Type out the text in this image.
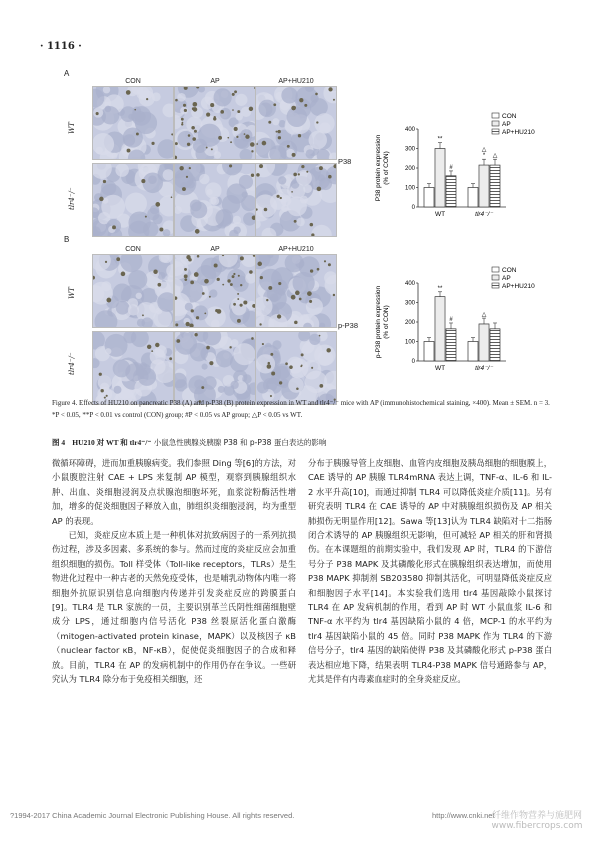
· 1116 ·
A
CON	AP	AP+HU210
WT
tlr4⁻/⁻
P38
B
CON	AP	AP+HU210
WT
tlr4⁻/⁻
p-P38
P38 protein expression(% of CON)
0
100
200
300
400
**
#
WT
△
* △
tlr4⁻/⁻
CON
AP
AP+HU210
p-P38 protein expression(% of CON)
0
100
200
300
400
**
#
WT
△
tlr4⁻/⁻
CON
AP
AP+HU210
Figure 4. Effects of HU210 on pancreatic P38 (A) and p-P38 (B) protein expression in WT and tlr4⁻/⁻ mice with AP (immunohistochemical staining, ×400). Mean ± SEM. n = 3. *P < 0.05, **P < 0.01 vs control (CON) group; #P < 0.05 vs AP group; △P < 0.05 vs WT.
图 4 HU210 对 WT 和 tlr4⁻/⁻ 小鼠急性胰腺炎胰腺 P38 和 p-P38 蛋白表达的影响

微循环障碍，进而加重胰腺病变。我们参照 Ding 等[6]的方法，对小鼠腹腔注射 CAE + LPS 来复制 AP 模型，观察到胰腺组织水肿、出血、炎细胞浸润及点状腺泡细胞坏死，血浆淀粉酶活性增加，增多的促炎细胞因子释放入血，肺组织炎细胞浸润，均为重型 AP 的表现。

已知，炎症反应本质上是一种机体对抗致病因子的一系列抗损伤过程，涉及多因素、多系统的参与。然而过度的炎症反应会加重组织细胞的损伤。Toll 样受体（Toll-like receptors，TLRs）是生物进化过程中一种古老的天然免疫受体，也是哺乳动物体内唯一将细胞外抗原识别信息向细胞内传递并引发炎症反应的跨膜蛋白[9]。TLR4 是 TLR 家族的一员，主要识别革兰氏阴性细菌细胞壁成分 LPS，通过细胞内信号活化 P38 丝裂原活化蛋白激酶（mitogen-activated protein kinase，MAPK）以及核因子 κB（nuclear factor κB，NF-κB），促使促炎细胞因子的合成和释放。目前，TLR4 在 AP 的发病机制中的作用仍存在争议。一些研究认为 TLR4 除分布于免疫相关细胞，还

分布于胰腺导管上皮细胞、血管内皮细胞及胰岛细胞的细胞膜上，CAE 诱导的 AP 胰腺 TLR4mRNA 表达上调，TNF-α、IL-6 和 IL-2 水平升高[10]，而通过抑制 TLR4 可以降低炎症介质[11]。另有研究表明 TLR4 在 CAE 诱导的 AP 中对胰腺组织损伤及 AP 相关肺损伤无明显作用[12]。Sawa 等[13]认为 TLR4 缺陷对十二指肠闭合术诱导的 AP 胰腺组织无影响，但可减轻 AP 相关的肝和肾损伤。在本课题组的前期实验中，我们发现 AP 时，TLR4 的下游信号分子 P38 MAPK 及其磷酸化形式在胰腺组织表达增加，而使用 P38 MAPK 抑制剂 SB203580 抑制其活化，可明显降低炎症反应和细胞因子水平[14]。本实验我们选用 tlr4 基因敲除小鼠探讨 TLR4 在 AP 发病机制的作用，看到 AP 时 WT 小鼠血浆 IL-6 和 TNF-α 水平约为 tlr4 基因缺陷小鼠的 4 倍，MCP-1 的水平约为 tlr4 基因缺陷小鼠的 45 倍。同时 P38 MAPK 作为 TLR4 的下游信号分子，tlr4 基因的缺陷使得 P38 及其磷酸化形式 p-P38 蛋白表达相应地下降，结果表明 TLR4-P38 MAPK 信号通路参与 AP，尤其是伴有内毒素血症时的全身炎症反应。

?1994-2017 China Academic Journal Electronic Publishing House. All rights reserved.	http://www.cnki.net
纤维作物营养与施肥网
www.fibercrops.com
